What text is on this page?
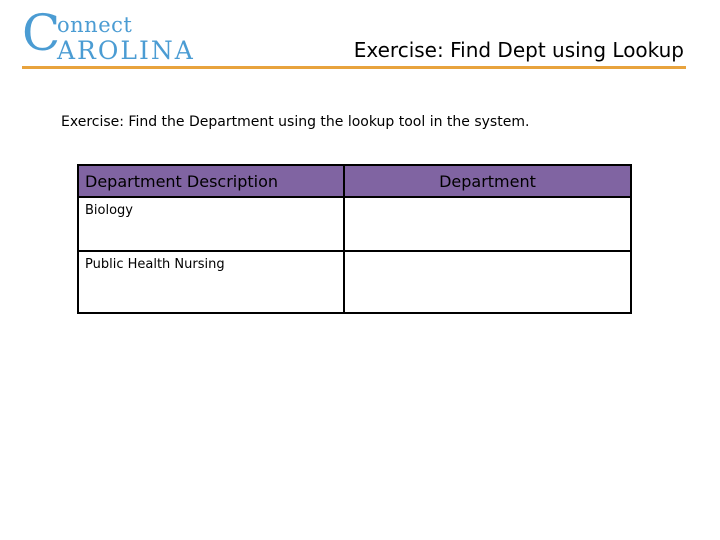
C
onnect
AROLINA	Exercise: Find Dept using Lookup
Exercise: Find the Department using the lookup tool in the system.
Department Description	Department
Biology	
Public Health Nursing	
